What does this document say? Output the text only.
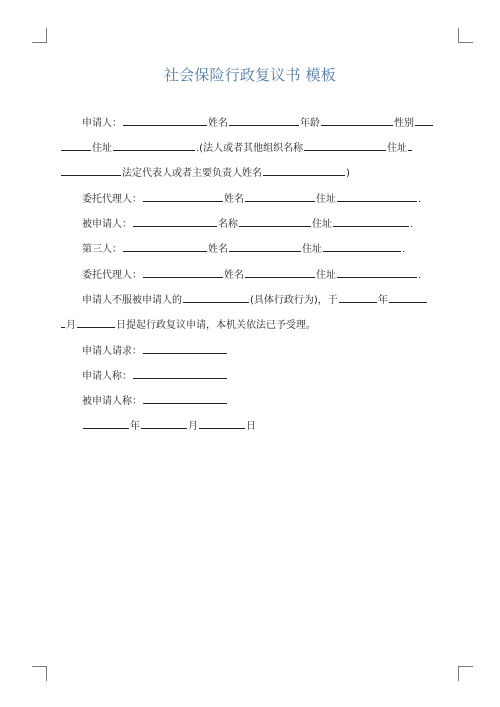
社会保险行政复议书 模板
申请人：	姓名	年龄	性别
住址	.(法人或者其他组织名称	住址
法定代表人或者主要负责人姓名	)
委托代理人：	姓名	住址	.
被申请人：	名称	住址	.
第三人：	姓名	住址	.
委托代理人：	姓名	住址	.
申请人不服被申请人的	(具体行政行为)，于	年
月	日提起行政复议申请，本机关依法已予受理。
申请人请求：
申请人称：
被申请人称：
年	月	日
